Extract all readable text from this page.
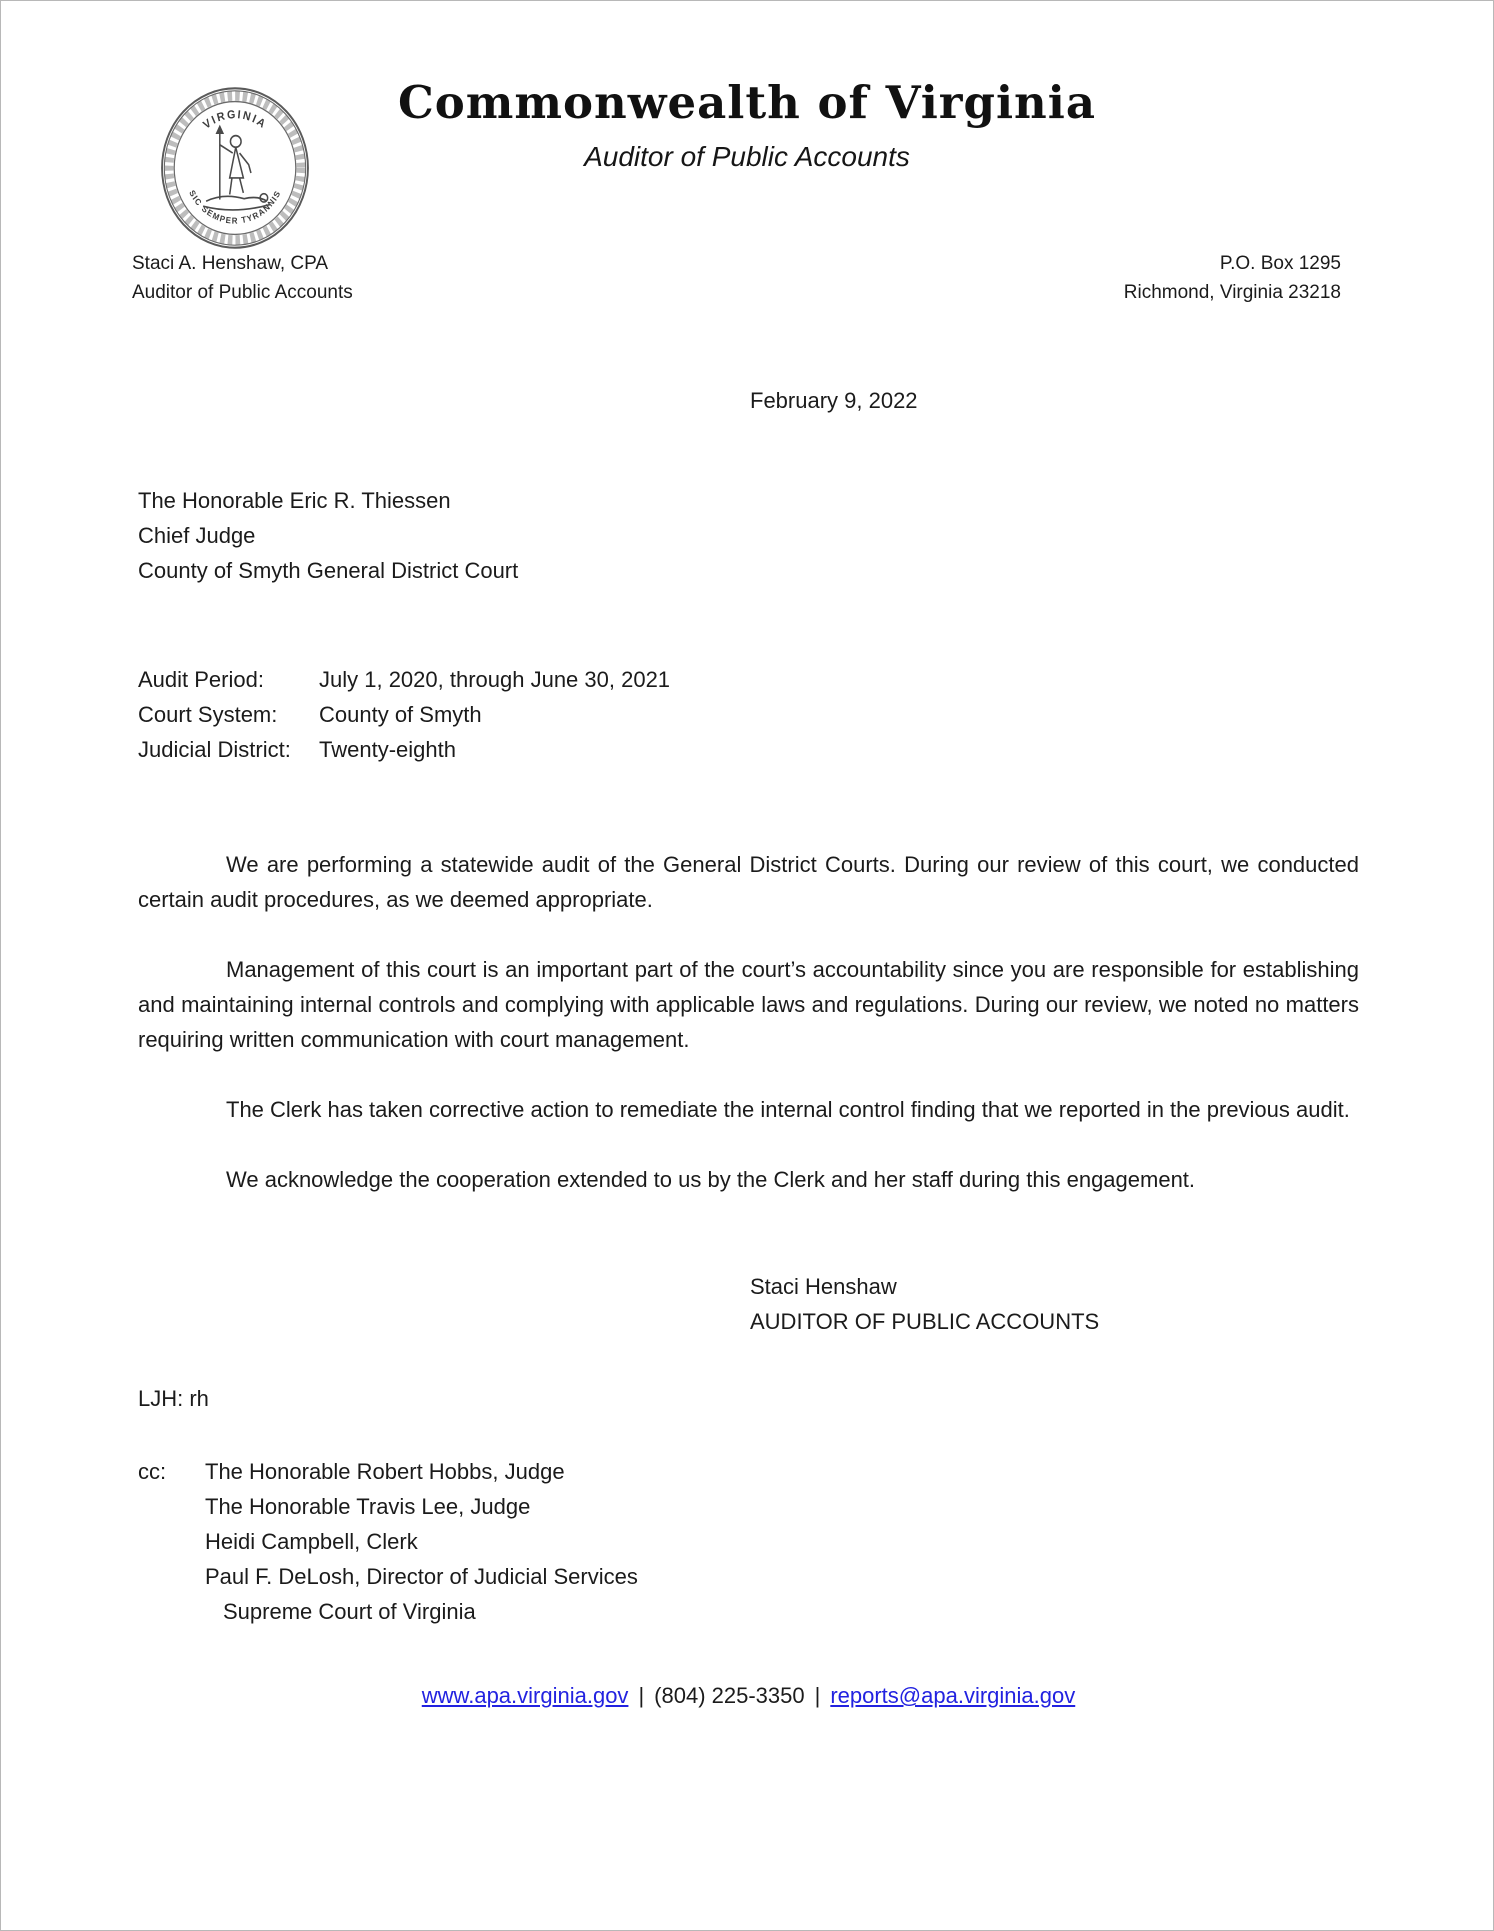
VIRGINIA
SIC SEMPER TYRANNIS
Commonwealth of Virginia
Auditor of Public Accounts
Staci A. Henshaw, CPA
Auditor of Public Accounts
P.O. Box 1295
Richmond, Virginia 23218
February 9, 2022
The Honorable Eric R. Thiessen
Chief Judge
County of Smyth General District Court
Audit Period:	July 1, 2020, through June 30, 2021
Court System:	County of Smyth
Judicial District:	Twenty-eighth

We are performing a statewide audit of the General District Courts. During our review of this court, we conducted certain audit procedures, as we deemed appropriate.

Management of this court is an important part of the court’s accountability since you are responsible for establishing and maintaining internal controls and complying with applicable laws and regulations. During our review, we noted no matters requiring written communication with court management.

The Clerk has taken corrective action to remediate the internal control finding that we reported in the previous audit.

We acknowledge the cooperation extended to us by the Clerk and her staff during this engagement.

Staci Henshaw
AUDITOR OF PUBLIC ACCOUNTS
LJH: rh
cc:	The Honorable Robert Hobbs, Judge
The Honorable Travis Lee, Judge
Heidi Campbell, Clerk
Paul F. DeLosh, Director of Judicial Services
Supreme Court of Virginia
www.apa.virginia.gov | (804) 225-3350 | reports@apa.virginia.gov
